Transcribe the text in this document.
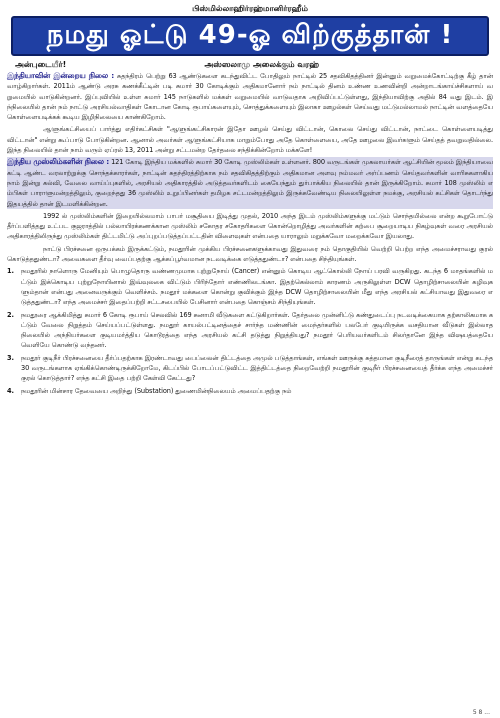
பிஸ்மில்லாஹிர்ரஹ்மானிர்ரஹீம்
நமது ஓட்டு 49-ஓ விற்குத்தான் !
அன்புடையீர்!	அஸ்ஸலாமு அலைக்கும் வரஹ்

இந்தியாவின் இன்றைய நிலை : சுதந்திரம் பெற்று 63 ஆண்டுகளை கடந்துவிட்ட போதிலும் நாட்டில் 25 சதவிகிதத்தினர் இன்னும் வறுமைக்கோட்டிற்கு கீழ் தான் வாழ்கிறார்கள். 2011ம் ஆண்டு அரசு கணக்கீட்டின் படி சுமார் 30 கோடிக்கும் அதிகமானோர் நம் நாட்டில் தினம் உண்ண உணவின்றி அன்றாடங்காய்ச்சிகளாய் வறுமையில் வாடுகின்றனர். இப்புவியில் உள்ள சுமார் 145 நாடுகளில் மக்கள் வறுமையில் வாடுவதாக அறிவிப்பட்டுள்ளது, இந்தியாவிற்கு அதில் 84 வது இடம். இந்நிலையில் தான் நம் நாட்டு அரசியல்வாதிகள் கோடான கோடி ரூபாய்களையும், சொத்துக்களையும் இலாகா ஊழல்கள் செய்வது மட்டுமல்லாமல் நாட்டின் வளத்தையே கொள்ளையடிக்கக் கூடிய இழிநிலையை காண்கிறோம்.

ஆளுங்கட்சியைப் பார்த்து எதிர்கட்சிகள் "ஆளுங்கட்சிகாரன் இதோ ஊழல் செய்து விட்டான், கொலை செய்து விட்டான், நாட்டை கொள்ளையடித்து விட்டான்" என்று கூப்பாடு போடுகின்றன. ஆனால் அவர்கள் ஆளுங்கட்சியாக மாறும்போது அதே கொள்ளையை, அதே ஊழலை இவர்களும் செய்தத் தவறுவதில்லை. இந்த நிலையில் தான் நாம் வரும் ஏப்ரல் 13, 2011 அன்று சட்டமன்ற தேர்தலை சந்திக்கின்றோம் மக்களே!

இந்திய முஸ்லிம்களின் நிலை : 121 கோடி இந்திய மக்களில் சுமார் 30 கோடி முஸ்லிம்கள் உள்ளனர். 800 வருடங்கள் முகலாயர்கள் ஆட்சியின் மூலம் இந்தியாவை கட்டி ஆண்ட வரலாற்றுக்கு சொந்தக்காரர்கள், நாட்டின் சுதந்திரத்திற்காக நம் சதவிகிதத்திற்கும் அதிகமான அளவு நம்மவர் அர்ப்பணம் செய்தவர்களின் வாரிசுகளாகிய நாம் இன்று கல்வி, வேலை வாய்ப்புகளில், அரசியல் அதிகாரத்தில் அடுத்தவர்களிடம் கையேந்தும் துர்பாக்கிய நிலையில் தான் இருக்கிறோம். சுமார் 108 முஸ்லிம் எம்பிகள் பாராளுமன்றத்திலும், குறைந்தது 36 முஸ்லிம் உறுப்பினர்கள் தமிழக சட்டமன்றத்திலும் இருக்கவேண்டிய நிலையிலுள்ள நமக்கு, அரசியல் கட்சிகள் தொடர்ந்து இதயத்தில் தான் இடமளிக்கின்றன.

1992 ல் முஸ்லிம்களின் இறையில்லமாம் பாபர் மசூதியை இடித்து முதல், 2010 அந்த இடம் முஸ்லிம்களுக்கு மட்டும் சொந்தமில்லை என்ற கூறுபோட்டு தீர்ப்பளித்தது உட்பட குஜராத்தில் பல்லாயிரக்கணக்கான முஸ்லிம் சகோதர சகோதரிகளை கொன்றொழித்து அவர்களின் கற்பை சூறையாடிய நிகழ்வுகள் வரை அரசியல் அதிகாரத்திலிருந்து முஸ்லிம்கள் திட்டமிட்டு அப்புறப்படுத்தப்பட்டதின் விளைவுகள் என்பதை யாராலும் மறுக்கவோ மறைக்கவோ இயலாது.

நாட்டு பிரச்சனை ஒருபக்கம் இருக்கட்டும், நமதூரின் முக்கிய பிரச்சனைகளுக்காவது இதுவரை நம் தொகுதியில் வெற்றி பெற்ற எந்த அமைச்சராவது குரல் கொடுத்ததுண்டா? அவைகளை தீர்வு வைப்பதற்கு ஆக்கப்பூர்வமான நடவடிக்கை எடுத்ததுண்டா? என்பதை சிந்தியுங்கள்.

1. நமதூரில் நாளொரு மேனியும் பொழுதொரு வண்ணமுமாக புற்றுநோய் (Cancer) என்னும் கொடிய ஆட்கொல்லி நோய் பரவி வருகிறது. கடந்த 6 மாதங்களில் மட்டும் இக்கொடிய புற்றுநோயினால் இவ்வுலகை விட்டும் பிரிந்தோர் எண்ணிலடங்கா. இதற்கெல்லாம் காரணம் அருகிலுள்ள DCW தொழிற்சாலையின் கழிவுகளும்தான் என்பது அனைவருக்கும் வெளிச்சம். நமதூர் மக்களை கொன்று குவிக்கும் இந்த DCW தொழிற்சாலையின் மீது எந்த அரசியல் கட்சியாவது இதுவரை எடுத்ததுண்டா? எந்த அமைச்சர் இதைப்பற்றி சட்டசபையில் பேசினார் என்பதை கொஞ்சம் சிந்தியுங்கள்.
2. நமதூரை ஆக்கிமித்து சுமார் 6 கோடி ரூபாய் செலவில் 169 சுனாமி வீடுகளை கட்டுகிறார்கள். தேர்தலை முன்னிட்டு கண்துடைப்பு நடவடிக்கையாக தற்காலிகமாக கட்டும் வேலை நிறுத்தம் செய்யப்பட்டுள்ளது. நமதூர் காயல்பட்டினத்தைச் சார்ந்த மண்ணின் மைந்தர்களில் பலபேர் குடியிருக்க வசதியான வீடுகள் இல்லாத நிலையில் அந்நியர்களை குடியமர்த்திய கொடூரத்தை எந்த அரசியல் கட்சி தடுத்து நிறுத்தியது? நமதூர் பெரியவர்களிடம் சிலர்தானே இந்த விஷயத்தையே வெளியே கொண்டு வந்தனர்.
3. நமதூர் குடிநீர் பிரச்சனையை தீர்ப்பதற்காக இரண்டாவது பைப்லைன் திட்டத்தை அமுல் படுத்தாங்கள், எங்கள் ஊருக்கு சுத்தமான குடிநீரைத் தாருங்கள் என்று கடந்த 30 வருடங்களாக ஏங்கிக்கொண்டிருக்கிறோமே, கிடப்பில் போடப்பட்டுவிட்ட இத்திட்டத்தை நிறைவேற்றி நமதூரின் குடிநீர் பிரச்சனையைத் தீர்க்க எந்த அமைச்சர் குரல் கொடுத்தார்? எந்த கட்சி இதை பற்றி கேள்வி கேட்டது?
4. நமதூரின் மின்சார தேவையை அறிந்து (Substation) துணைமின்நிலையம் அமைப்பதற்கு நம்
5 8 ...
